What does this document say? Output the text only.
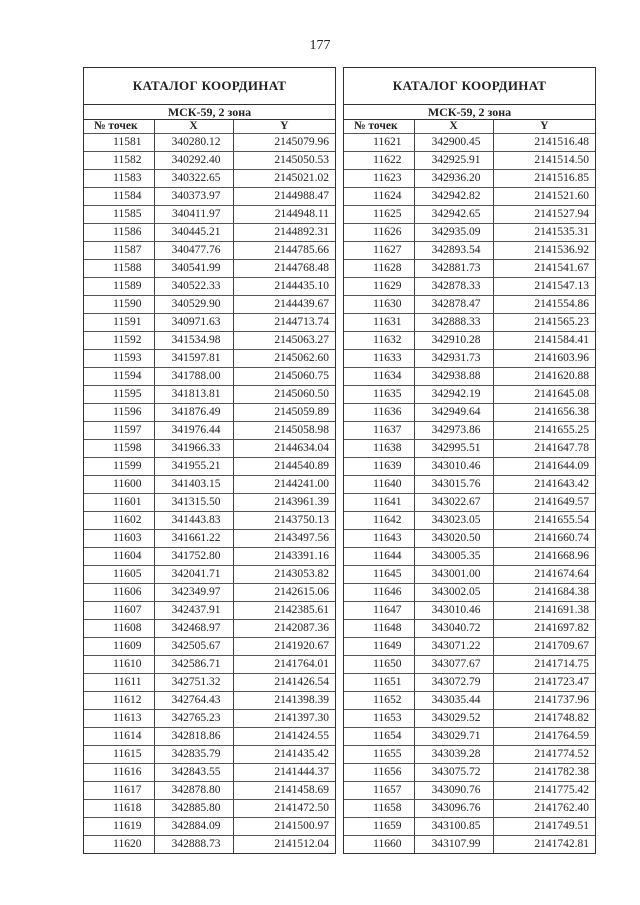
177
КАТАЛОГ КООРДИНАТ
МСК-59, 2 зона
№ точек	X	Y
11581	340280.12	2145079.96
11582	340292.40	2145050.53
11583	340322.65	2145021.02
11584	340373.97	2144988.47
11585	340411.97	2144948.11
11586	340445.21	2144892.31
11587	340477.76	2144785.66
11588	340541.99	2144768.48
11589	340522.33	2144435.10
11590	340529.90	2144439.67
11591	340971.63	2144713.74
11592	341534.98	2145063.27
11593	341597.81	2145062.60
11594	341788.00	2145060.75
11595	341813.81	2145060.50
11596	341876.49	2145059.89
11597	341976.44	2145058.98
11598	341966.33	2144634.04
11599	341955.21	2144540.89
11600	341403.15	2144241.00
11601	341315.50	2143961.39
11602	341443.83	2143750.13
11603	341661.22	2143497.56
11604	341752.80	2143391.16
11605	342041.71	2143053.82
11606	342349.97	2142615.06
11607	342437.91	2142385.61
11608	342468.97	2142087.36
11609	342505.67	2141920.67
11610	342586.71	2141764.01
11611	342751.32	2141426.54
11612	342764.43	2141398.39
11613	342765.23	2141397.30
11614	342818.86	2141424.55
11615	342835.79	2141435.42
11616	342843.55	2141444.37
11617	342878.80	2141458.69
11618	342885.80	2141472.50
11619	342884.09	2141500.97
11620	342888.73	2141512.04
КАТАЛОГ КООРДИНАТ
МСК-59, 2 зона
№ точек	X	Y
11621	342900.45	2141516.48
11622	342925.91	2141514.50
11623	342936.20	2141516.85
11624	342942.82	2141521.60
11625	342942.65	2141527.94
11626	342935.09	2141535.31
11627	342893.54	2141536.92
11628	342881.73	2141541.67
11629	342878.33	2141547.13
11630	342878.47	2141554.86
11631	342888.33	2141565.23
11632	342910.28	2141584.41
11633	342931.73	2141603.96
11634	342938.88	2141620.88
11635	342942.19	2141645.08
11636	342949.64	2141656.38
11637	342973.86	2141655.25
11638	342995.51	2141647.78
11639	343010.46	2141644.09
11640	343015.76	2141643.42
11641	343022.67	2141649.57
11642	343023.05	2141655.54
11643	343020.50	2141660.74
11644	343005.35	2141668.96
11645	343001.00	2141674.64
11646	343002.05	2141684.38
11647	343010.46	2141691.38
11648	343040.72	2141697.82
11649	343071.22	2141709.67
11650	343077.67	2141714.75
11651	343072.79	2141723.47
11652	343035.44	2141737.96
11653	343029.52	2141748.82
11654	343029.71	2141764.59
11655	343039.28	2141774.52
11656	343075.72	2141782.38
11657	343090.76	2141775.42
11658	343096.76	2141762.40
11659	343100.85	2141749.51
11660	343107.99	2141742.81
